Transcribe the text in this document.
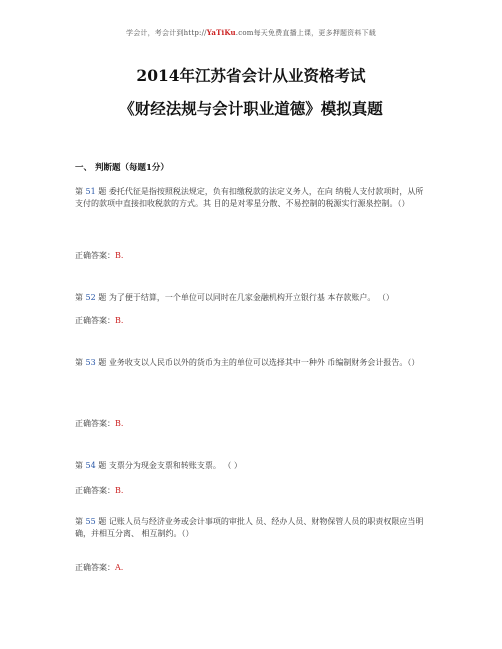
学会计，考会计到http://YaTiKu.com每天免费直播上课，更多押题资料下载
2014年江苏省会计从业资格考试
《财经法规与会计职业道德》模拟真题
一、 判断题（每题1分）
第 51 题 委托代征是指按照税法规定，负有扣缴税款的法定义务人，在向 纳税人支付款项时，从所支付的款项中直接扣收税款的方式。其 目的是对零星分散、不易控制的税源实行源泉控制。（）
正确答案：B.
第 52 题 为了便于结算，一个单位可以同时在几家金融机构开立银行基 本存款账户。 （）
正确答案：B.
第 53 题 业务收支以人民币以外的货币为主的单位可以选择其中一种外 币编制财务会计报告。（）
正确答案：B.
第 54 题 支票分为现金支票和转账支票。 （ ）
正确答案：B.
第 55 题 记账人员与经济业务或会计事项的审批人 员、经办人员、财物保管人员的职责权限应当明确，并相互分离、 相互制约。（）
正确答案：A.
